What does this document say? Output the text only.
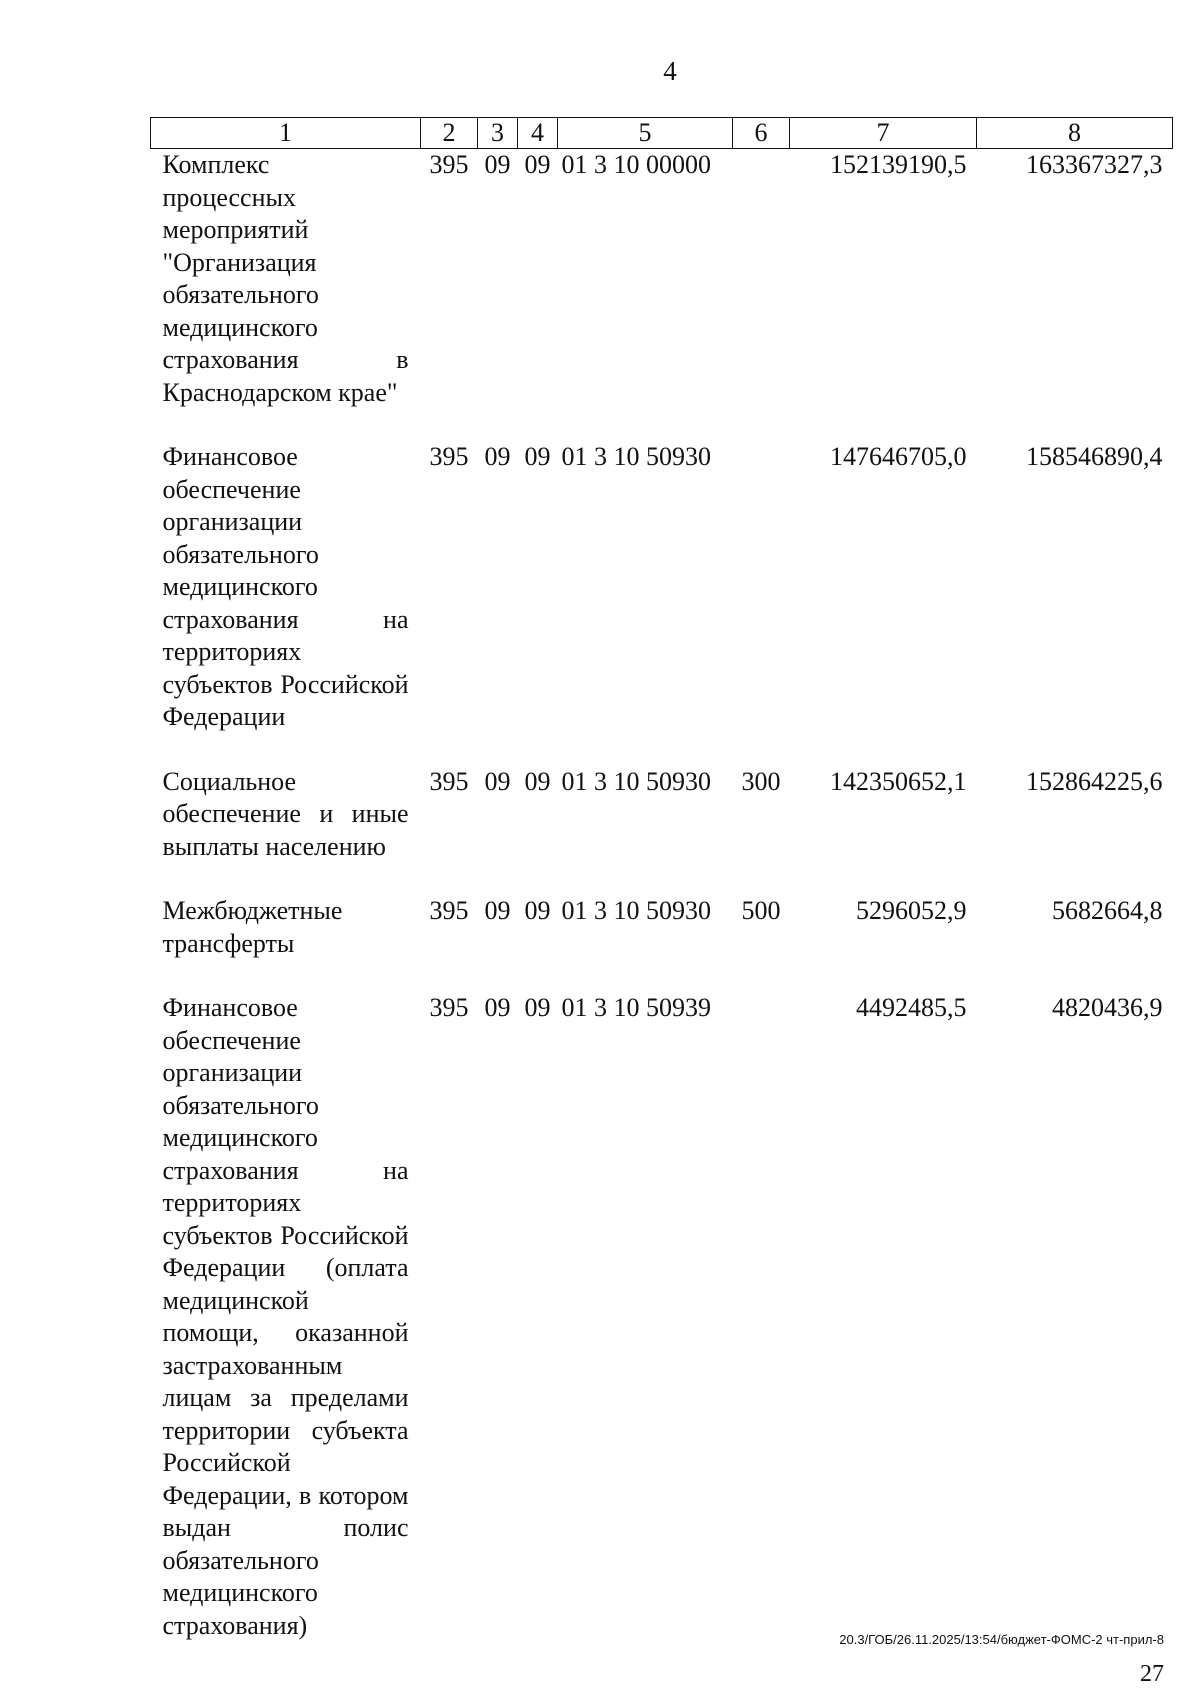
4
1	2	3	4	5	6	7	8
Комплекс процессных мероприятий "Организация обязательного медицинского страхования в Краснодарском крае"	395	09	09	01 3 10 00000		152139190,5	163367327,3

Финансовое обеспечение организации обязательного медицинского страхования на территориях субъектов Российской Федерации	395	09	09	01 3 10 50930		147646705,0	158546890,4

Социальное обеспечение и иные выплаты населению	395	09	09	01 3 10 50930	300	142350652,1	152864225,6

Межбюджетные трансферты	395	09	09	01 3 10 50930	500	5296052,9	5682664,8

Финансовое обеспечение организации обязательного медицинского страхования на территориях субъектов Российской Федерации (оплата медицинской помощи, оказанной застрахованным лицам за пределами территории субъекта Российской Федерации, в котором выдан полис обязательного медицинского страхования)	395	09	09	01 3 10 50939		4492485,5	4820436,9
20.3/ГОБ/26.11.2025/13:54/бюджет-ФОМС-2 чт-прил-8
27
